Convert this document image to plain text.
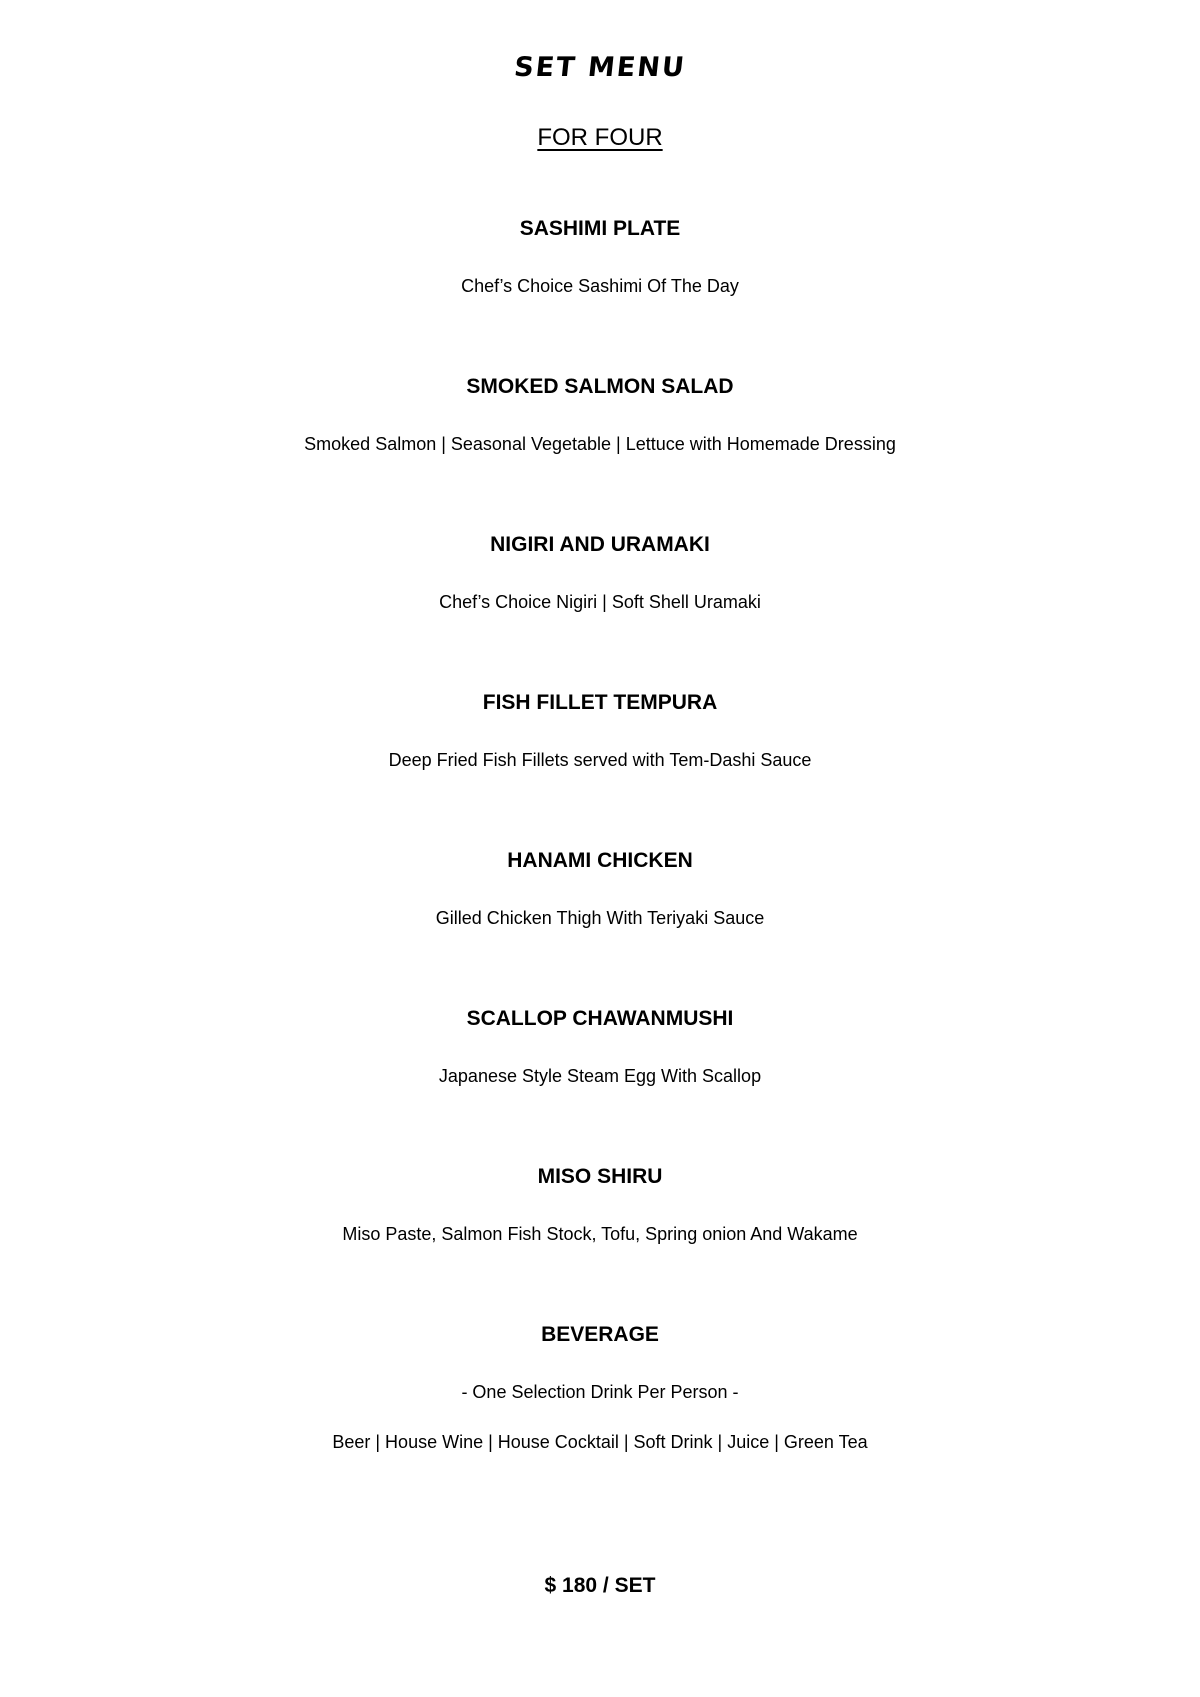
SET MENU
FOR FOUR
SASHIMI PLATE
Chef’s Choice Sashimi Of The Day
SMOKED SALMON SALAD
Smoked Salmon | Seasonal Vegetable | Lettuce with Homemade Dressing
NIGIRI AND URAMAKI
Chef’s Choice Nigiri | Soft Shell Uramaki
FISH FILLET TEMPURA
Deep Fried Fish Fillets served with Tem-Dashi Sauce
HANAMI CHICKEN
Gilled Chicken Thigh With Teriyaki Sauce
SCALLOP CHAWANMUSHI
Japanese Style Steam Egg With Scallop
MISO SHIRU
Miso Paste, Salmon Fish Stock, Tofu, Spring onion And Wakame
BEVERAGE
- One Selection Drink Per Person -
Beer | House Wine | House Cocktail | Soft Drink | Juice | Green Tea
$ 180 / SET
